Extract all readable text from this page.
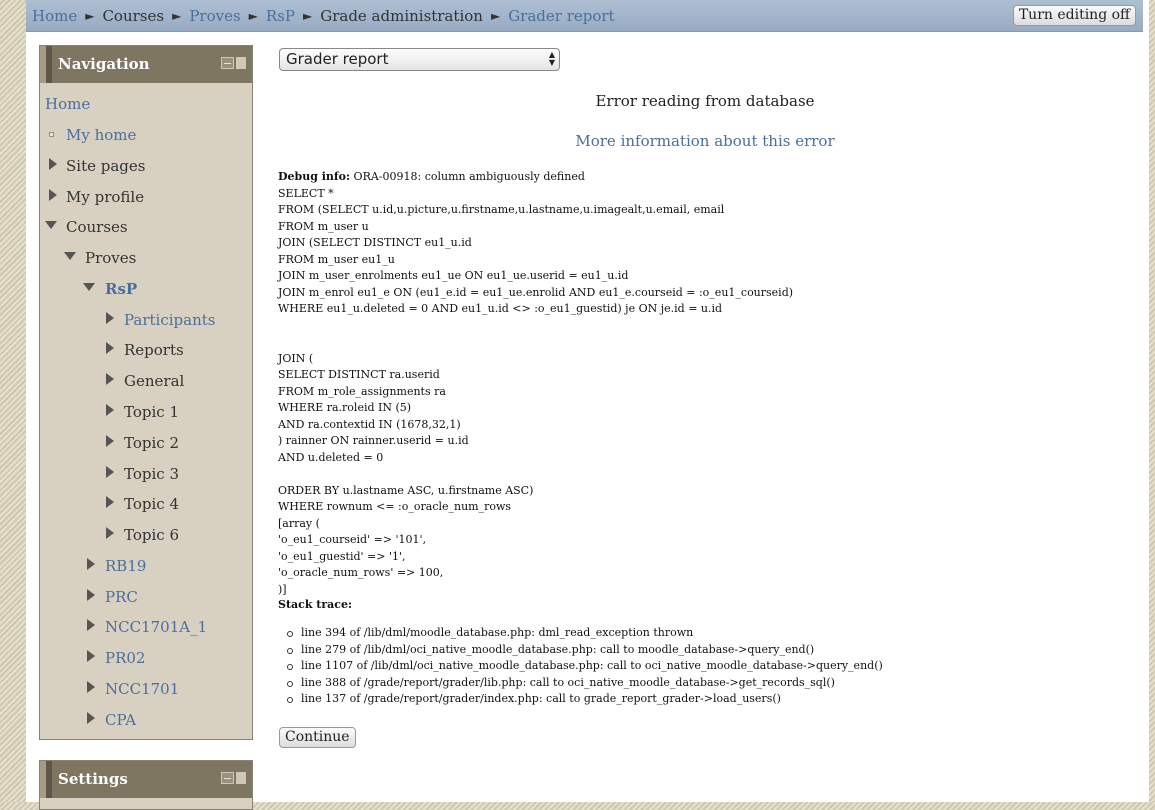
Home ► Courses ► Proves ► RsP ► Grade administration ► Grader report	Turn editing off
Navigation
Home
My home
Site pages
My profile
Courses
Proves
RsP
Participants
Reports
General
Topic 1
Topic 2
Topic 3
Topic 4
Topic 6
RB19
PRC
NCC1701A_1
PR02
NCC1701
CPA
Settings
Grader report	▲
▼
Error reading from database
More information about this error
Debug info: ORA-00918: column ambiguously defined
SELECT *
FROM (SELECT u.id,u.picture,u.firstname,u.lastname,u.imagealt,u.email, email
FROM m_user u
JOIN (SELECT DISTINCT eu1_u.id
FROM m_user eu1_u
JOIN m_user_enrolments eu1_ue ON eu1_ue.userid = eu1_u.id
JOIN m_enrol eu1_e ON (eu1_e.id = eu1_ue.enrolid AND eu1_e.courseid = :o_eu1_courseid)
WHERE eu1_u.deleted = 0 AND eu1_u.id <> :o_eu1_guestid) je ON je.id = u.id
JOIN (
SELECT DISTINCT ra.userid
FROM m_role_assignments ra
WHERE ra.roleid IN (5)
AND ra.contextid IN (1678,32,1)
) rainner ON rainner.userid = u.id
AND u.deleted = 0
ORDER BY u.lastname ASC, u.firstname ASC)
WHERE rownum <= :o_oracle_num_rows
[array (
'o_eu1_courseid' => '101',
'o_eu1_guestid' => '1',
'o_oracle_num_rows' => 100,
)]
Stack trace:
line 394 of /lib/dml/moodle_database.php: dml_read_exception thrown
line 279 of /lib/dml/oci_native_moodle_database.php: call to moodle_database->query_end()
line 1107 of /lib/dml/oci_native_moodle_database.php: call to oci_native_moodle_database->query_end()
line 388 of /grade/report/grader/lib.php: call to oci_native_moodle_database->get_records_sql()
line 137 of /grade/report/grader/index.php: call to grade_report_grader->load_users()
Continue
